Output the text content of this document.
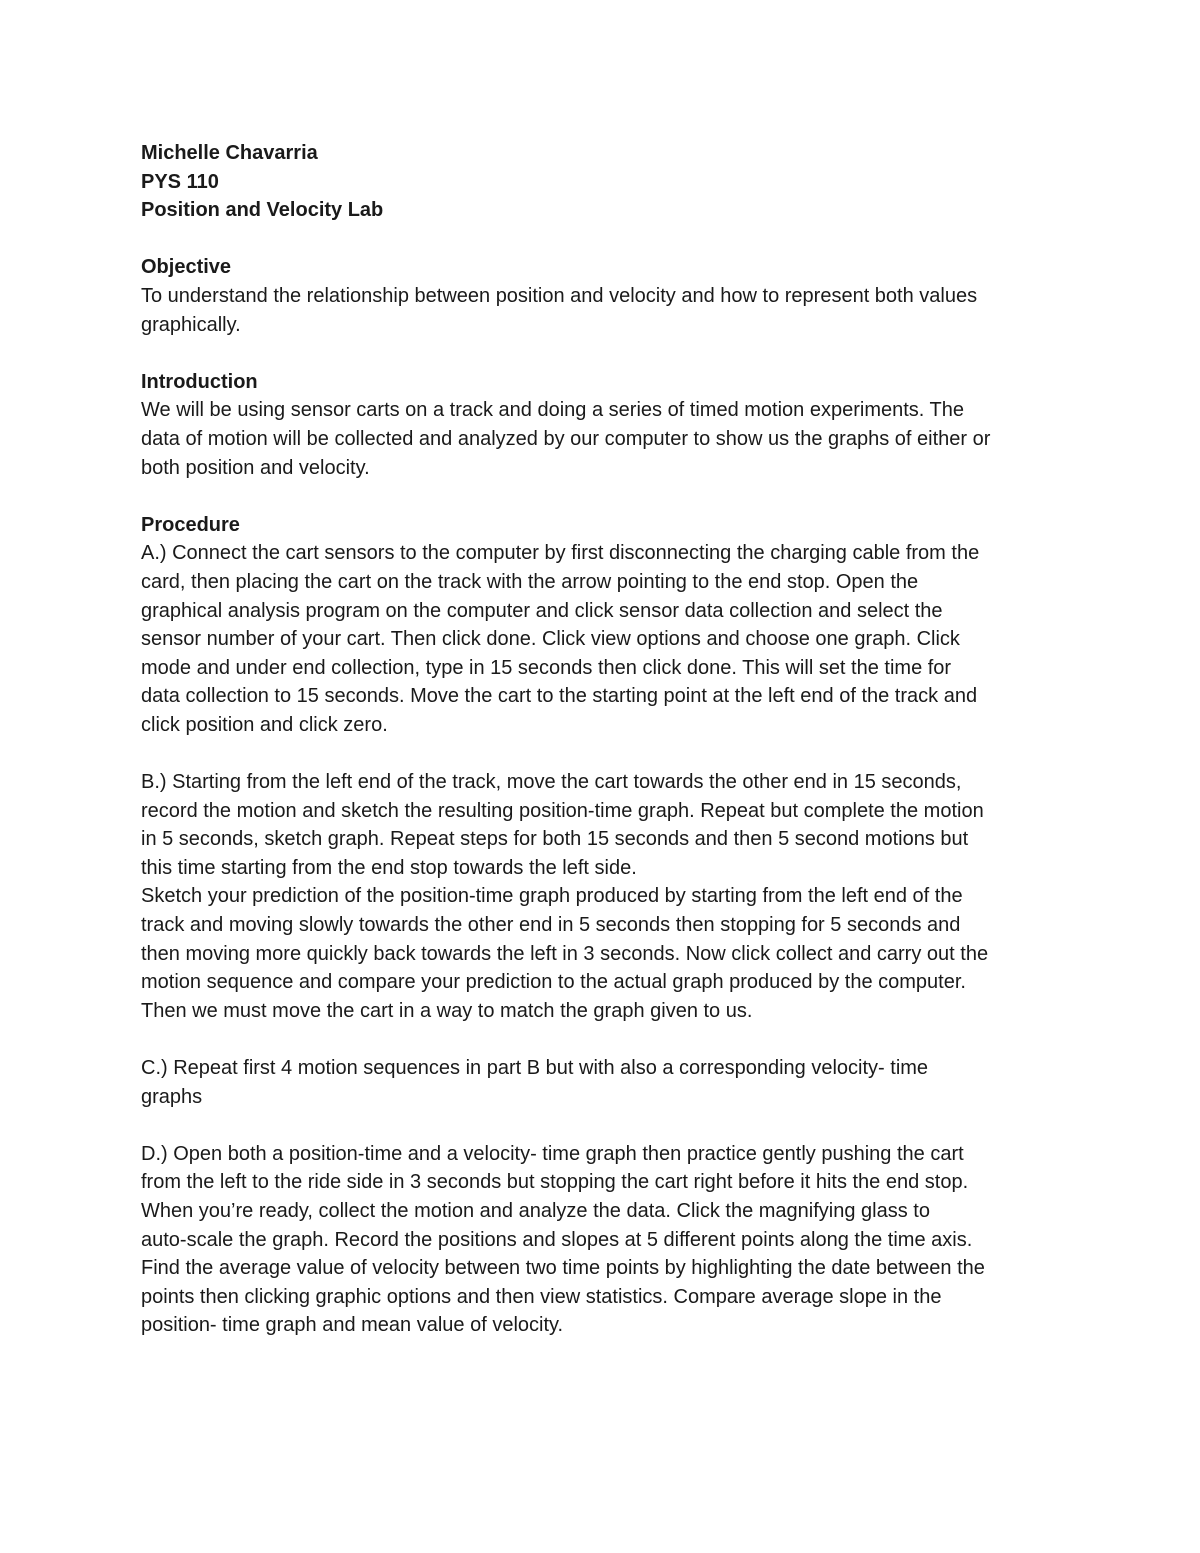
Michelle Chavarria
PYS 110
Position and Velocity Lab
Objective
To understand the relationship between position and velocity and how to represent both values
graphically.
Introduction
We will be using sensor carts on a track and doing a series of timed motion experiments. The
data of motion will be collected and analyzed by our computer to show us the graphs of either or
both position and velocity.
Procedure
A.) Connect the cart sensors to the computer by first disconnecting the charging cable from the
card, then placing the cart on the track with the arrow pointing to the end stop. Open the
graphical analysis program on the computer and click sensor data collection and select the
sensor number of your cart. Then click done. Click view options and choose one graph. Click
mode and under end collection, type in 15 seconds then click done. This will set the time for
data collection to 15 seconds. Move the cart to the starting point at the left end of the track and
click position and click zero.
B.) Starting from the left end of the track, move the cart towards the other end in 15 seconds,
record the motion and sketch the resulting position-time graph. Repeat but complete the motion
in 5 seconds, sketch graph. Repeat steps for both 15 seconds and then 5 second motions but
this time starting from the end stop towards the left side.
Sketch your prediction of the position-time graph produced by starting from the left end of the
track and moving slowly towards the other end in 5 seconds then stopping for 5 seconds and
then moving more quickly back towards the left in 3 seconds. Now click collect and carry out the
motion sequence and compare your prediction to the actual graph produced by the computer.
Then we must move the cart in a way to match the graph given to us.
C.) Repeat first 4 motion sequences in part B but with also a corresponding velocity- time
graphs
D.) Open both a position-time and a velocity- time graph then practice gently pushing the cart
from the left to the ride side in 3 seconds but stopping the cart right before it hits the end stop.
When you’re ready, collect the motion and analyze the data. Click the magnifying glass to
auto-scale the graph. Record the positions and slopes at 5 different points along the time axis.
Find the average value of velocity between two time points by highlighting the date between the
points then clicking graphic options and then view statistics. Compare average slope in the
position- time graph and mean value of velocity.
